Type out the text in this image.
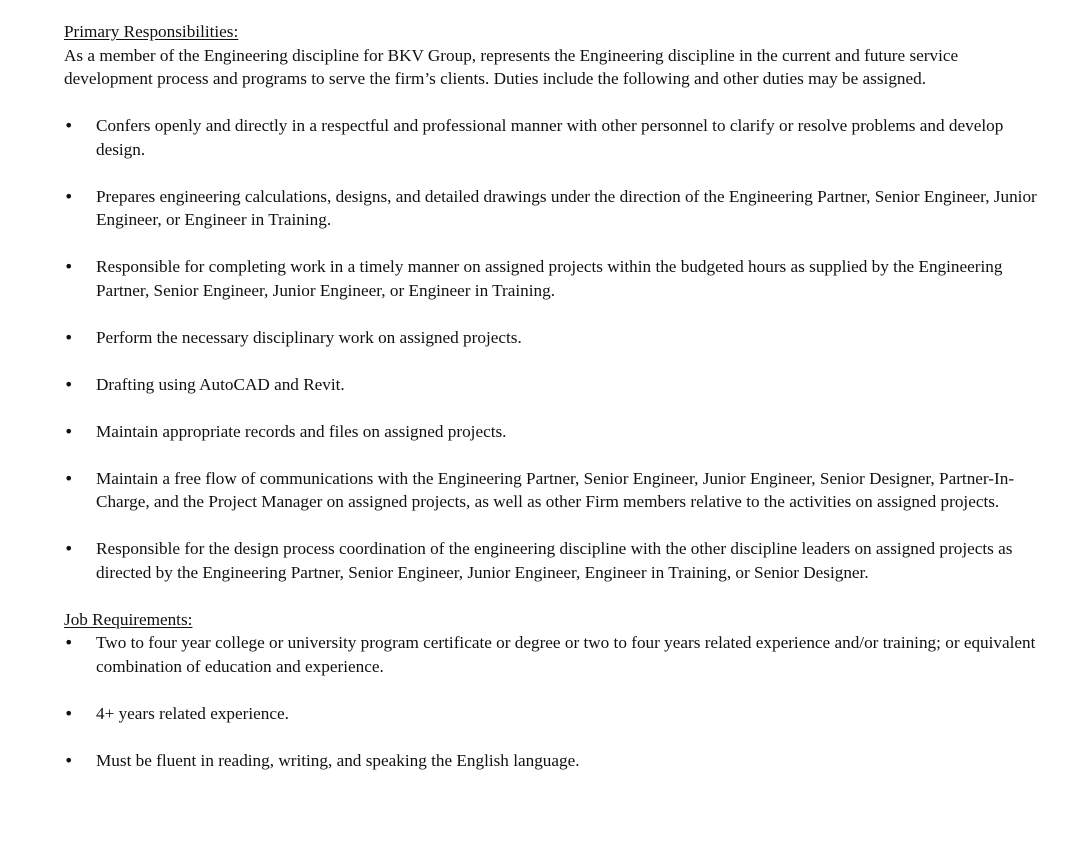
Primary Responsibilities:

As a member of the Engineering discipline for BKV Group, represents the Engineering discipline in the current and future service development process and programs to serve the firm’s clients. Duties include the following and other duties may be assigned.

• Confers openly and directly in a respectful and professional manner with other personnel to clarify or resolve problems and develop design.
• Prepares engineering calculations, designs, and detailed drawings under the direction of the Engineering Partner, Senior Engineer, Junior Engineer, or Engineer in Training.
• Responsible for completing work in a timely manner on assigned projects within the budgeted hours as supplied by the Engineering Partner, Senior Engineer, Junior Engineer, or Engineer in Training.
• Perform the necessary disciplinary work on assigned projects.
• Drafting using AutoCAD and Revit.
• Maintain appropriate records and files on assigned projects.
• Maintain a free flow of communications with the Engineering Partner, Senior Engineer, Junior Engineer, Senior Designer, Partner-In-Charge, and the Project Manager on assigned projects, as well as other Firm members relative to the activities on assigned projects.
• Responsible for the design process coordination of the engineering discipline with the other discipline leaders on assigned projects as directed by the Engineering Partner, Senior Engineer, Junior Engineer, Engineer in Training, or Senior Designer.
Job Requirements:
• Two to four year college or university program certificate or degree or two to four years related experience and/or training; or equivalent combination of education and experience.
• 4+ years related experience.
• Must be fluent in reading, writing, and speaking the English language.
